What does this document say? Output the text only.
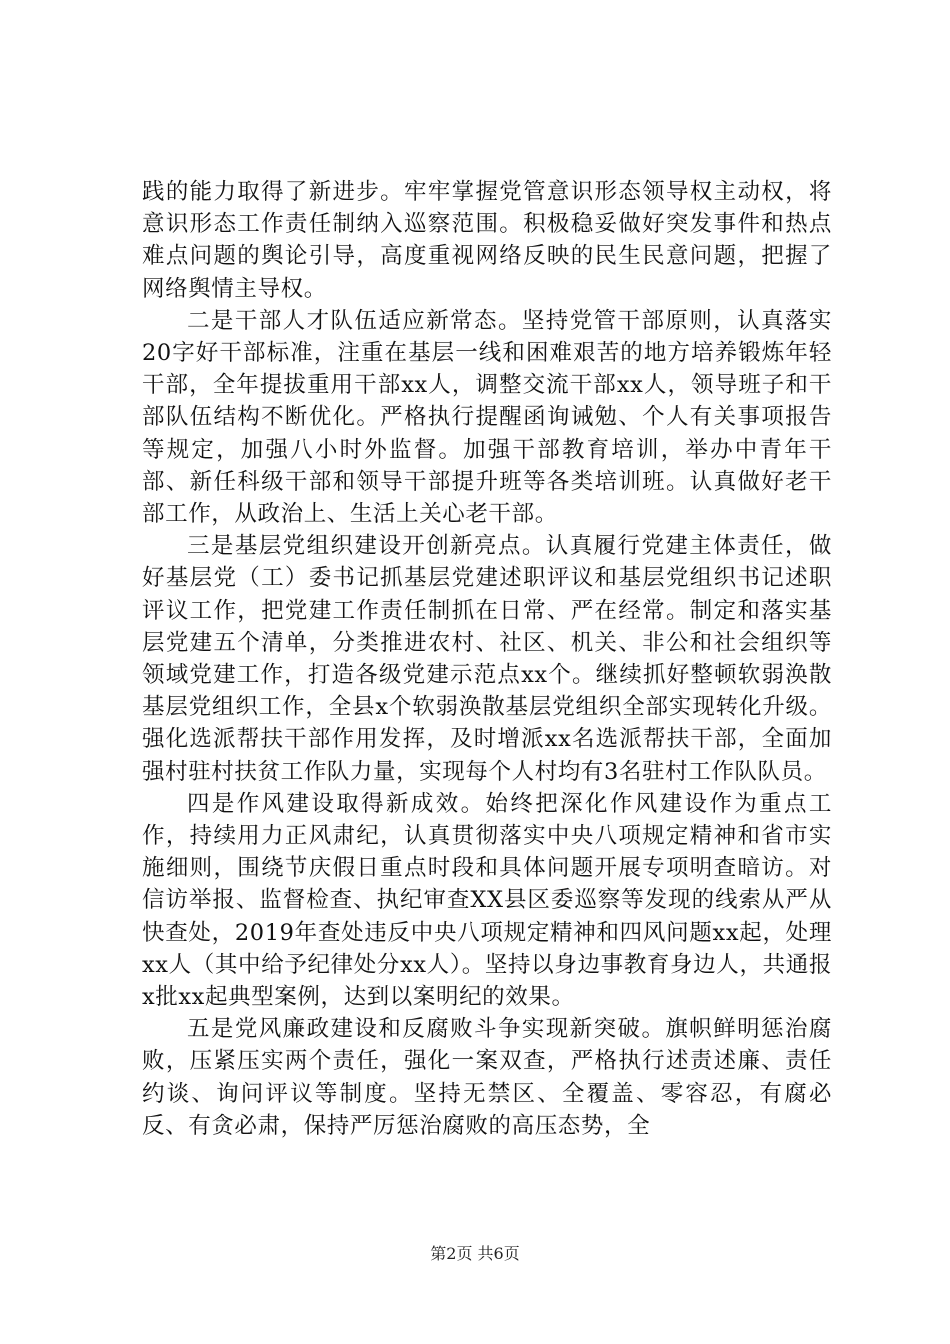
践的能力取得了新进步。牢牢掌握党管意识形态领导权主动权，将意识形态工作责任制纳入巡察范围。积极稳妥做好突发事件和热点难点问题的舆论引导，高度重视网络反映的民生民意问题，把握了网络舆情主导权。

二是干部人才队伍适应新常态。坚持党管干部原则，认真落实20字好干部标准，注重在基层一线和困难艰苦的地方培养锻炼年轻干部，全年提拔重用干部xx人，调整交流干部xx人，领导班子和干部队伍结构不断优化。严格执行提醒函询诫勉、个人有关事项报告等规定，加强八小时外监督。加强干部教育培训，举办中青年干部、新任科级干部和领导干部提升班等各类培训班。认真做好老干部工作，从政治上、生活上关心老干部。

三是基层党组织建设开创新亮点。认真履行党建主体责任，做好基层党（工）委书记抓基层党建述职评议和基层党组织书记述职评议工作，把党建工作责任制抓在日常、严在经常。制定和落实基层党建五个清单，分类推进农村、社区、机关、非公和社会组织等领域党建工作，打造各级党建示范点xx个。继续抓好整顿软弱涣散基层党组织工作，全县x个软弱涣散基层党组织全部实现转化升级。强化选派帮扶干部作用发挥，及时增派xx名选派帮扶干部，全面加强村驻村扶贫工作队力量，实现每个人村均有3名驻村工作队队员。

四是作风建设取得新成效。始终把深化作风建设作为重点工作，持续用力正风肃纪，认真贯彻落实中央八项规定精神和省市实施细则，围绕节庆假日重点时段和具体问题开展专项明查暗访。对信访举报、监督检查、执纪审查XX县区委巡察等发现的线索从严从快查处，2019年查处违反中央八项规定精神和四风问题xx起，处理xx人（其中给予纪律处分xx人）。坚持以身边事教育身边人，共通报x批xx起典型案例，达到以案明纪的效果。

五是党风廉政建设和反腐败斗争实现新突破。旗帜鲜明惩治腐败，压紧压实两个责任，强化一案双查，严格执行述责述廉、责任约谈、询问评议等制度。坚持无禁区、全覆盖、零容忍，有腐必反、有贪必肃，保持严厉惩治腐败的高压态势，全

第2页 共6页
